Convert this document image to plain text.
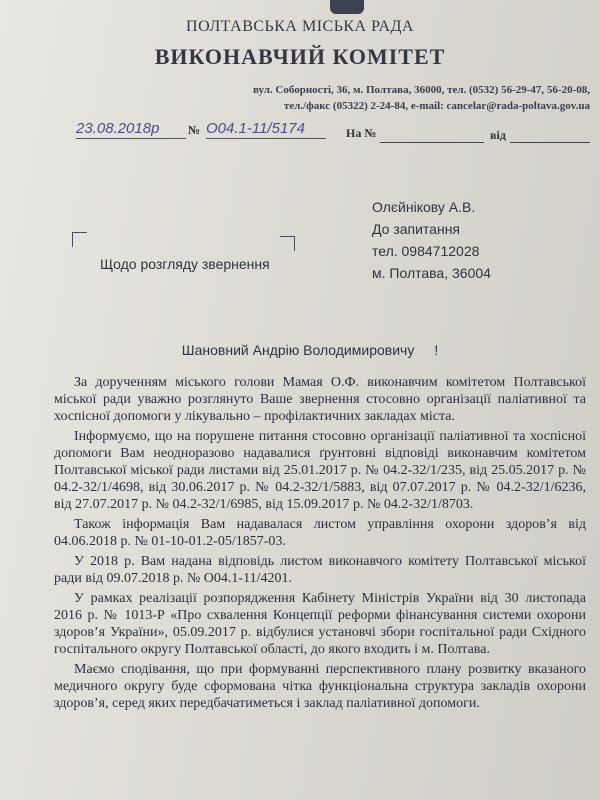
ПОЛТАВСЬКА МІСЬКА РАДА
ВИКОНАВЧИЙ КОМІТЕТ
вул. Соборності, 36, м. Полтава, 36000, тел. (0532) 56-29-47, 56-20-08,
тел./факс (05322) 2-24-84, e-mail: cancelar@rada-poltava.gov.ua
23.08.2018р	№ О04.1-11/5174	На №	від
Олєйнікову А.В.
До запитання
тел. 0984712028
м. Полтава, 36004
Щодо розгляду звернення
Шановний Андрію Володимировичу !

За дорученням міського голови Мамая О.Ф. виконавчим комітетом Полтавської міської ради уважно розглянуто Ваше звернення стосовно організації паліативної та хоспісної допомоги у лікувально – профілактичних закладах міста.

Інформуємо, що на порушене питання стосовно організації паліативної та хоспісної допомоги Вам неодноразово надавалися ґрунтовні відповіді виконавчим комітетом Полтавської міської ради листами від 25.01.2017 р. № 04.2-32/1/235, від 25.05.2017 р. № 04.2-32/1/4698, від 30.06.2017 р. № 04.2-32/1/5883, від 07.07.2017 р. № 04.2-32/1/6236, від 27.07.2017 р. № 04.2-32/1/6985, від 15.09.2017 р. № 04.2-32/1/8703.

Також інформація Вам надавалася листом управління охорони здоров’я від 04.06.2018 р. № 01-10-01.2-05/1857-03.

У 2018 р. Вам надана відповідь листом виконавчого комітету Полтавської міської ради від 09.07.2018 р. № О04.1-11/4201.

У рамках реалізації розпорядження Кабінету Міністрів України від 30 листопада 2016 р. № 1013-Р «Про схвалення Концепції реформи фінансування системи охорони здоров’я України», 05.09.2017 р. відбулися установчі збори госпітальної ради Східного госпітального округу Полтавської області, до якого входить і м. Полтава.

Маємо сподівання, що при формуванні перспективного плану розвитку вказаного медичного округу буде сформована чітка функціональна структура закладів охорони здоров’я, серед яких передбачатиметься і заклад паліативної допомоги.
